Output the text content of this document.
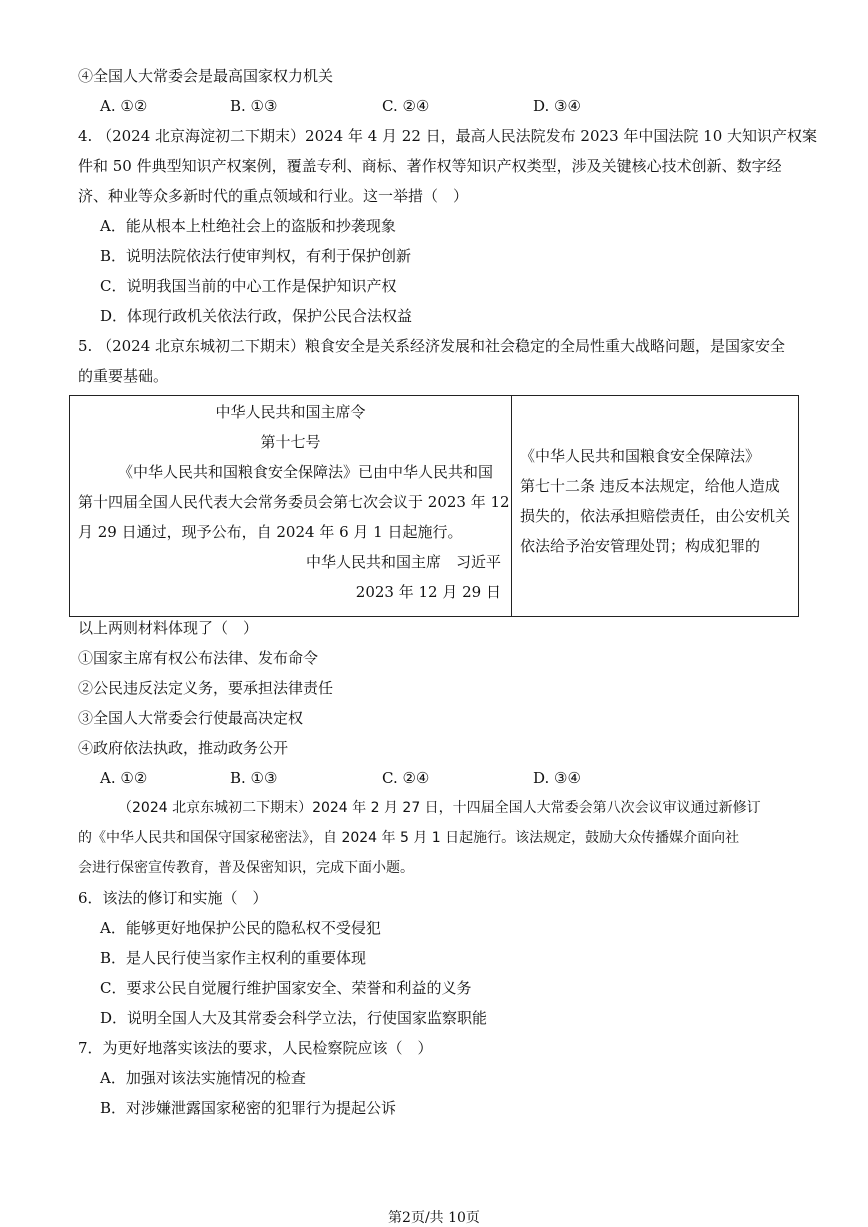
④全国人大常委会是最高国家权力机关
A. ①②	B. ①③	C. ②④	D. ③④
4. （2024 北京海淀初二下期末）2024 年 4 月 22 日，最高人民法院发布 2023 年中国法院 10 大知识产权案
件和 50 件典型知识产权案例，覆盖专利、商标、著作权等知识产权类型，涉及关键核心技术创新、数字经
济、种业等众多新时代的重点领域和行业。这一举措（　）
A．能从根本上杜绝社会上的盗版和抄袭现象
B．说明法院依法行使审判权，有利于保护创新
C．说明我国当前的中心工作是保护知识产权
D．体现行政机关依法行政，保护公民合法权益
5. （2024 北京东城初二下期末）粮食安全是关系经济发展和社会稳定的全局性重大战略问题，是国家安全
的重要基础。
中华人民共和国主席令
第十七号
《中华人民共和国粮食安全保障法》已由中华人民共和国
第十四届全国人民代表大会常务委员会第七次会议于 2023 年 12
月 29 日通过，现予公布，自 2024 年 6 月 1 日起施行。
中华人民共和国主席　习近平
2023 年 12 月 29 日

《中华人民共和国粮食安全保障法》
第七十二条 违反本法规定，给他人造成
损失的，依法承担赔偿责任，由公安机关
依法给予治安管理处罚；构成犯罪的
以上两则材料体现了（　）
①国家主席有权公布法律、发布命令
②公民违反法定义务，要承担法律责任
③全国人大常委会行使最高决定权
④政府依法执政，推动政务公开
A. ①②	B. ①③	C. ②④	D. ③④
（2024 北京东城初二下期末）2024 年 2 月 27 日，十四届全国人大常委会第八次会议审议通过新修订
的《中华人民共和国保守国家秘密法》，自 2024 年 5 月 1 日起施行。该法规定，鼓励大众传播媒介面向社
会进行保密宣传教育，普及保密知识，完成下面小题。
6．该法的修订和实施（　）
A．能够更好地保护公民的隐私权不受侵犯
B．是人民行使当家作主权利的重要体现
C．要求公民自觉履行维护国家安全、荣誉和利益的义务
D．说明全国人大及其常委会科学立法，行使国家监察职能
7．为更好地落实该法的要求，人民检察院应该（　）
A．加强对该法实施情况的检查
B．对涉嫌泄露国家秘密的犯罪行为提起公诉
第2页/共 10页
